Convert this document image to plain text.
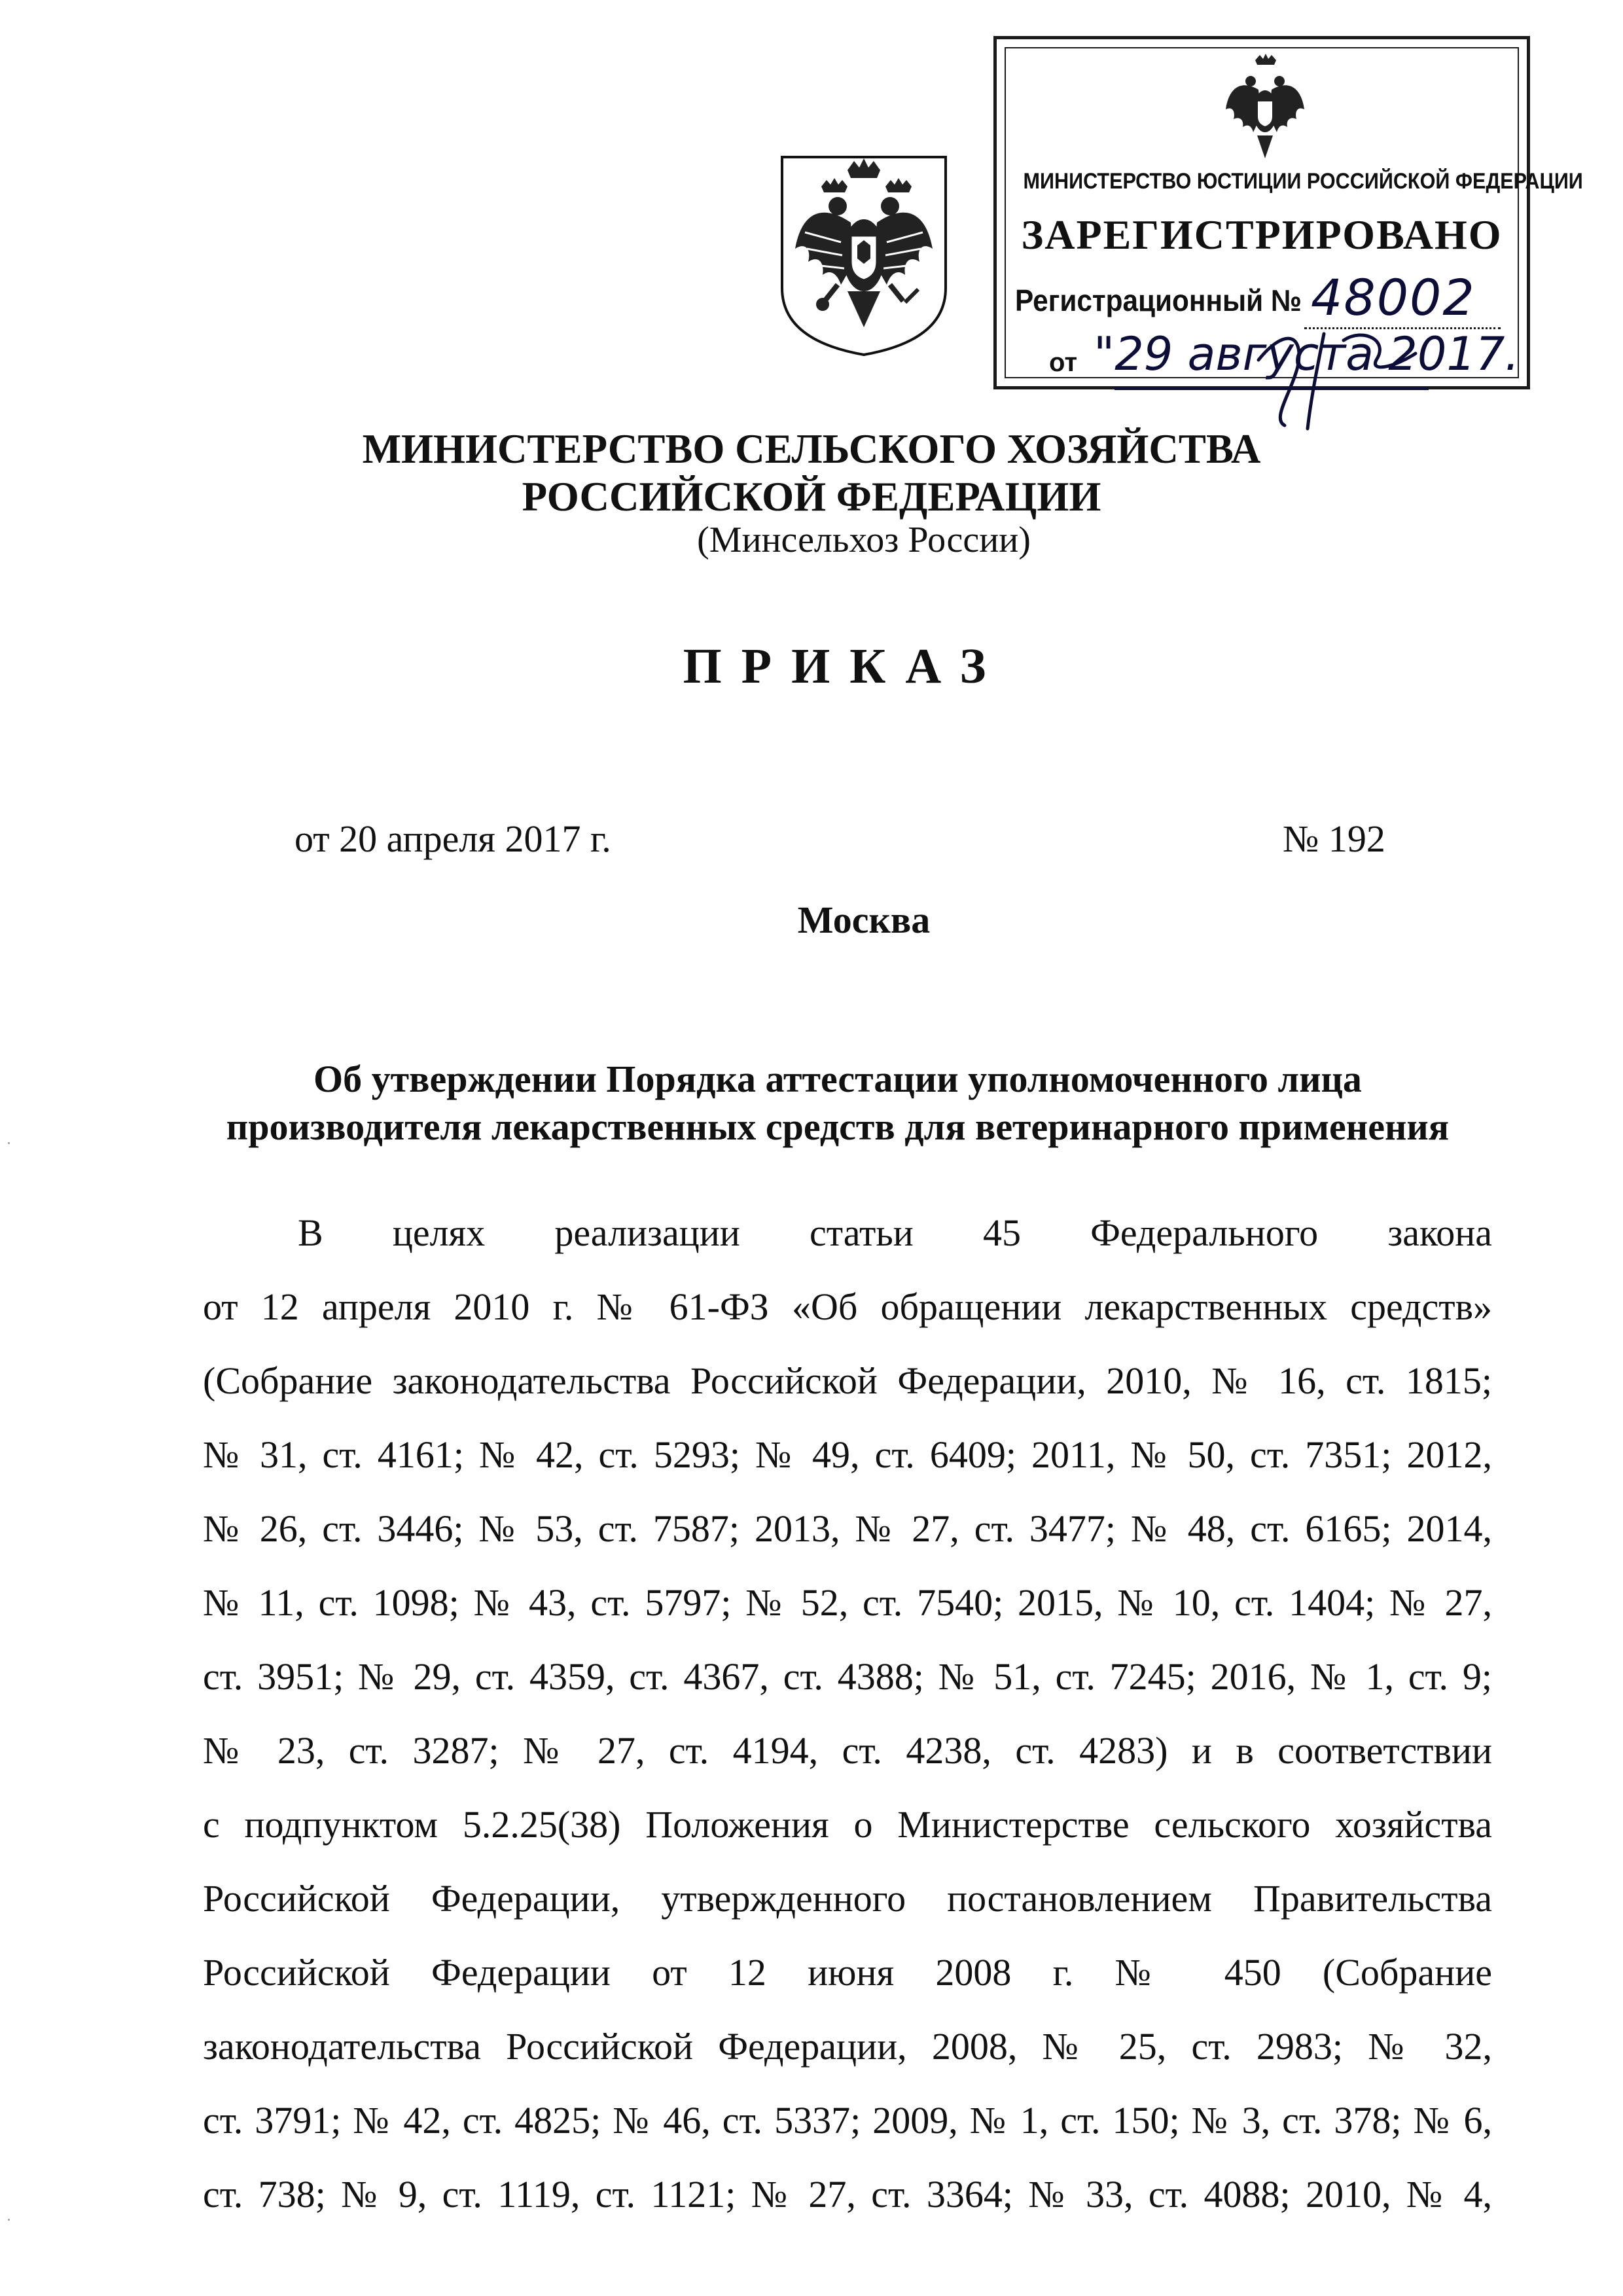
МИНИСТЕРСТВО ЮСТИЦИИ РОССИЙСКОЙ ФЕДЕРАЦИИ
ЗАРЕГИСТРИРОВАНО
Регистрационный № 48002
от "29 августа 2017.
МИНИСТЕРСТВО СЕЛЬСКОГО ХОЗЯЙСТВА
РОССИЙСКОЙ ФЕДЕРАЦИИ
(Минсельхоз России)
ПРИКАЗ
от 20 апреля 2017 г.	№ 192
Москва
Об утверждении Порядка аттестации уполномоченного лица
производителя лекарственных средств для ветеринарного применения
В целях реализации статьи 45 Федерального закона
от 12 апреля 2010 г. № 61-ФЗ «Об обращении лекарственных средств»
(Собрание законодательства Российской Федерации, 2010, № 16, ст. 1815;
№ 31, ст. 4161; № 42, ст. 5293; № 49, ст. 6409; 2011, № 50, ст. 7351; 2012,
№ 26, ст. 3446; № 53, ст. 7587; 2013, № 27, ст. 3477; № 48, ст. 6165; 2014,
№ 11, ст. 1098; № 43, ст. 5797; № 52, ст. 7540; 2015, № 10, ст. 1404; № 27,
ст. 3951; № 29, ст. 4359, ст. 4367, ст. 4388; № 51, ст. 7245; 2016, № 1, ст. 9;
№ 23, ст. 3287; № 27, ст. 4194, ст. 4238, ст. 4283) и в соответствии
с подпунктом 5.2.25(38) Положения о Министерстве сельского хозяйства
Российской Федерации, утвержденного постановлением Правительства
Российской Федерации от 12 июня 2008 г. № 450 (Собрание
законодательства Российской Федерации, 2008, № 25, ст. 2983; № 32,
ст. 3791; № 42, ст. 4825; № 46, ст. 5337; 2009, № 1, ст. 150; № 3, ст. 378; № 6,
ст. 738; № 9, ст. 1119, ст. 1121; № 27, ст. 3364; № 33, ст. 4088; 2010, № 4,
